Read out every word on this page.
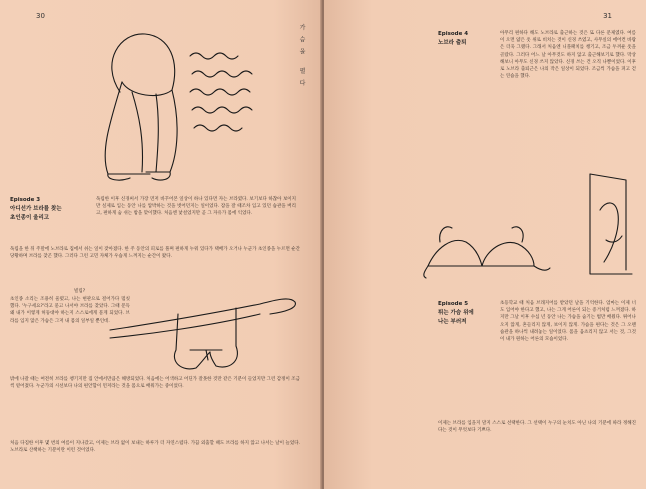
30
가슴을 펼다
Episode 3
아디선가 브라를 찾는
초인종이 울리고
독립한 이후 신경써서 가장 먼저 바꾸어본 일상이 하나 있다면 자는 브라였다. 보기보다 하찮아 보이지만 실제로 입는 동안 나를 압박하는 것을 벗어던지는 일이었다. 잠을 잘 때조차 입고 있던 습관을 버리고, 편하게 숨 쉬는 밤을 맞이했다. 처음엔 낯설었지만 곧 그 자유가 몸에 익었다.
독립을 한 뒤 주말에 노브라로 집에서 쉬는 일이 잦아졌다. 한 주 동안의 피로를 풀며 편하게 누워 있다가 택배가 오거나 누군가 초인종을 누르면 순간 당황하며 브라를 찾곤 했다. 그러다 그런 고민 자체가 우습게 느껴지는 순간이 왔다.
빌립?
초인종 소리는 조용히 울렸고, 나는 현관으로 걸어가다 멈칫했다. '누구세요?'라고 묻고 나서야 브라를 찾았다. 그때 문득 왜 내가 이렇게 허둥대야 하는지 스스로에게 묻게 되었다. 브라를 입지 않은 가슴은 그저 내 몸의 일부일 뿐인데.
밖에 나갈 때는 여전히 브라를 챙기지만 집 안에서만큼은 해방되었다. 처음에는 어색하고 어딘가 잘못한 것만 같은 기분이 들었지만 그런 감정이 조금씩 옅어졌다. 누군가의 시선보다 나의 편안함이 먼저라는 것을 몸으로 배워가는 중이었다.
처음 다짐한 이후 몇 번의 여름이 지나갔고, 이제는 브라 없이 보내는 하루가 더 자연스럽다. 가끔 외출할 때도 브라를 하지 않고 나서는 날이 늘었다. 노브라로 산책하는 기분이란 이런 것이었다.
31
Episode 4
노브라 출퇴
아무리 편하다 해도 노브라로 출근하는 것은 또 다른 문제였다. 여름이 오면 얇은 옷 위로 비치는 것이 신경 쓰였고, 사무실의 에어컨 바람은 더욱 그랬다. 그래서 처음엔 니플패치를 챙기고, 조금 두꺼운 옷을 골랐다. 그러다 어느 날 아무것도 하지 않고 출근해보기로 했다. 막상 해보니 아무도 신경 쓰지 않았다. 신경 쓰는 건 오직 나뿐이었다. 이후로 노브라 출퇴근은 나의 작은 일상이 되었다. 조금씩 가슴을 펴고 걷는 연습을 했다.
Episode 5
튀는 가슴 위에
나는 부러져
초등학교 때 처음 브래지어를 받았던 날을 기억한다. 엄마는 이제 너도 입어야 한다고 했고, 나는 그게 어른이 되는 증거처럼 느껴졌다. 하지만 그날 이후 수십 년 동안 나는 가슴을 숨기는 법만 배웠다. 튀어나오지 않게, 흔들리지 않게, 보이지 않게. 가슴을 편다는 것은 그 오랜 습관을 하나씩 내려놓는 일이었다. 몸을 움츠리지 않고 서는 것, 그것이 내가 원하는 어른의 모습이었다.
이제는 브라를 입을지 말지 스스로 선택한다. 그 선택이 누구의 눈치도 아닌 나의 기분에 따라 정해진다는 것이 무엇보다 기쁘다.
